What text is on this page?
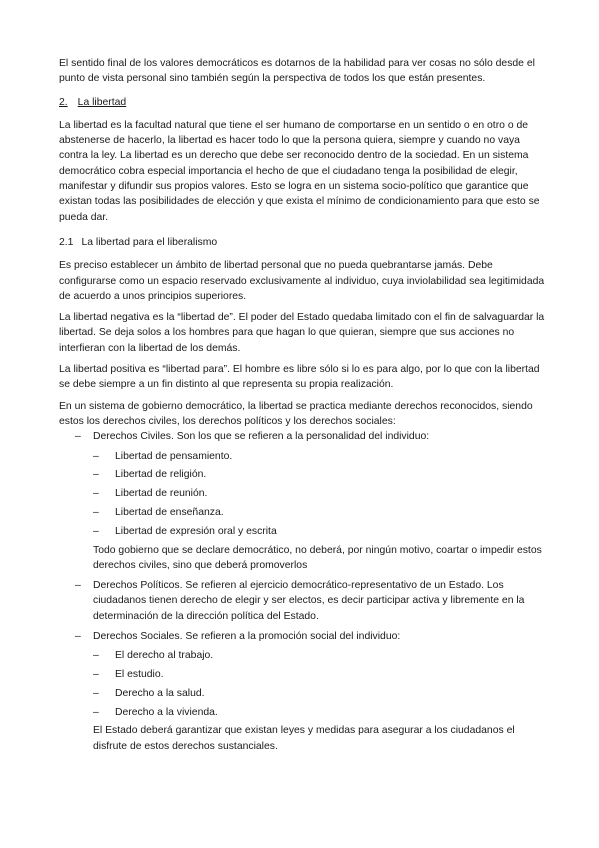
El sentido final de los valores democráticos es dotarnos de la habilidad para ver cosas no sólo desde el punto de vista personal sino también según la perspectiva de todos los que están presentes.

2. La libertad

La libertad es la facultad natural que tiene el ser humano de comportarse en un sentido o en otro o de abstenerse de hacerlo, la libertad es hacer todo lo que la persona quiera, siempre y cuando no vaya contra la ley. La libertad es un derecho que debe ser reconocido dentro de la sociedad. En un sistema democrático cobra especial importancia el hecho de que el ciudadano tenga la posibilidad de elegir, manifestar y difundir sus propios valores. Esto se logra en un sistema socio-político que garantice que existan todas las posibilidades de elección y que exista el mínimo de condicionamiento para que esto se pueda dar.

2.1 La libertad para el liberalismo

Es preciso establecer un ámbito de libertad personal que no pueda quebrantarse jamás. Debe configurarse como un espacio reservado exclusivamente al individuo, cuya inviolabilidad sea legitimidada de acuerdo a unos principios superiores.

La libertad negativa es la “libertad de”. El poder del Estado quedaba limitado con el fin de salvaguardar la libertad. Se deja solos a los hombres para que hagan lo que quieran, siempre que sus acciones no interfieran con la libertad de los demás.

La libertad positiva es “libertad para”. El hombre es libre sólo si lo es para algo, por lo que con la libertad se debe siempre a un fin distinto al que representa su propia realización.

En un sistema de gobierno democrático, la libertad se practica mediante derechos reconocidos, siendo estos los derechos civiles, los derechos políticos y los derechos sociales:

– Derechos Civiles. Son los que se refieren a la personalidad del individuo:
– Libertad de pensamiento.
– Libertad de religión.
– Libertad de reunión.
– Libertad de enseñanza.
– Libertad de expresión oral y escrita

Todo gobierno que se declare democrático, no deberá, por ningún motivo, coartar o impedir estos derechos civiles, sino que deberá promoverlos

– Derechos Políticos. Se refieren al ejercicio democrático-representativo de un Estado. Los ciudadanos tienen derecho de elegir y ser electos, es decir participar activa y libremente en la determinación de la dirección política del Estado.
– Derechos Sociales. Se refieren a la promoción social del individuo:
– El derecho al trabajo.
– El estudio.
– Derecho a la salud.
– Derecho a la vivienda.

El Estado deberá garantizar que existan leyes y medidas para asegurar a los ciudadanos el disfrute de estos derechos sustanciales.
